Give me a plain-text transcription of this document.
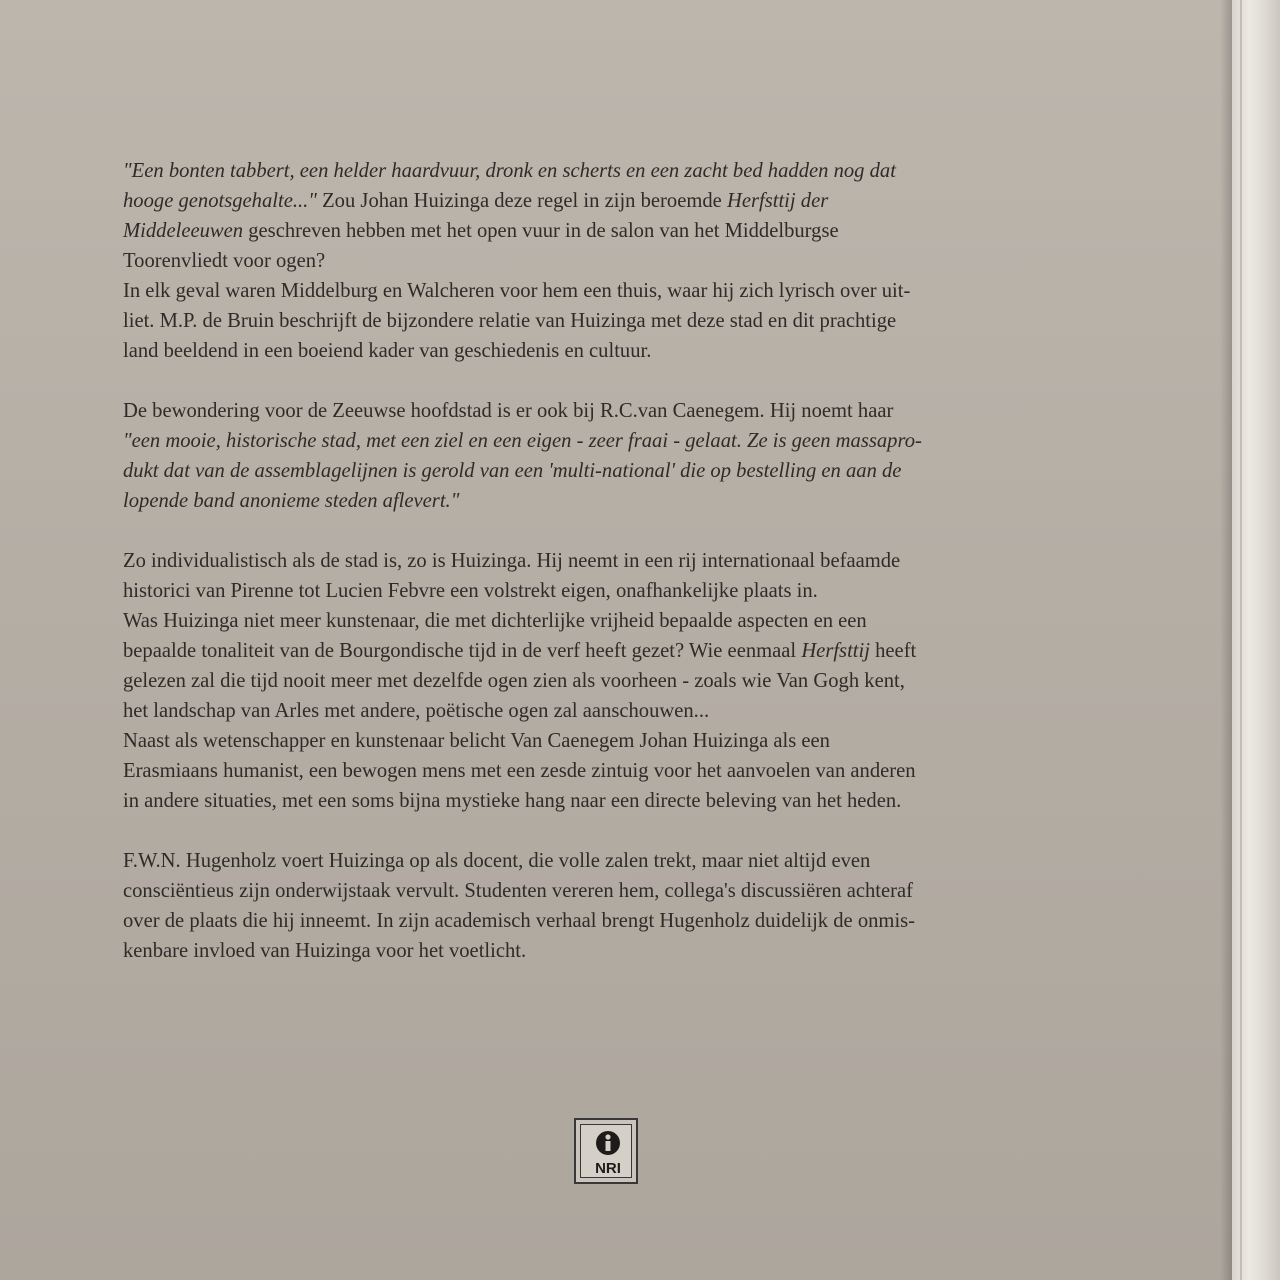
"Een bonten tabbert, een helder haardvuur, dronk en scherts en een zacht bed hadden nog dat
hooge genotsgehalte..." Zou Johan Huizinga deze regel in zijn beroemde Herfsttij der
Middeleeuwen geschreven hebben met het open vuur in de salon van het Middelburgse
Toorenvliedt voor ogen?
In elk geval waren Middelburg en Walcheren voor hem een thuis, waar hij zich lyrisch over uit-
liet. M.P. de Bruin beschrijft de bijzondere relatie van Huizinga met deze stad en dit prachtige
land beeldend in een boeiend kader van geschiedenis en cultuur.
De bewondering voor de Zeeuwse hoofdstad is er ook bij R.C.van Caenegem. Hij noemt haar
"een mooie, historische stad, met een ziel en een eigen - zeer fraai - gelaat. Ze is geen massapro-
dukt dat van de assemblagelijnen is gerold van een 'multi-national' die op bestelling en aan de
lopende band anonieme steden aflevert."
Zo individualistisch als de stad is, zo is Huizinga. Hij neemt in een rij internationaal befaamde
historici van Pirenne tot Lucien Febvre een volstrekt eigen, onafhankelijke plaats in.
Was Huizinga niet meer kunstenaar, die met dichterlijke vrijheid bepaalde aspecten en een
bepaalde tonaliteit van de Bourgondische tijd in de verf heeft gezet? Wie eenmaal Herfsttij heeft
gelezen zal die tijd nooit meer met dezelfde ogen zien als voorheen - zoals wie Van Gogh kent,
het landschap van Arles met andere, poëtische ogen zal aanschouwen...
Naast als wetenschapper en kunstenaar belicht Van Caenegem Johan Huizinga als een
Erasmiaans humanist, een bewogen mens met een zesde zintuig voor het aanvoelen van anderen
in andere situaties, met een soms bijna mystieke hang naar een directe beleving van het heden.
F.W.N. Hugenholz voert Huizinga op als docent, die volle zalen trekt, maar niet altijd even
consciëntieus zijn onderwijstaak vervult. Studenten vereren hem, collega's discussiëren achteraf
over de plaats die hij inneemt. In zijn academisch verhaal brengt Hugenholz duidelijk de onmis-
kenbare invloed van Huizinga voor het voetlicht.
NRI
